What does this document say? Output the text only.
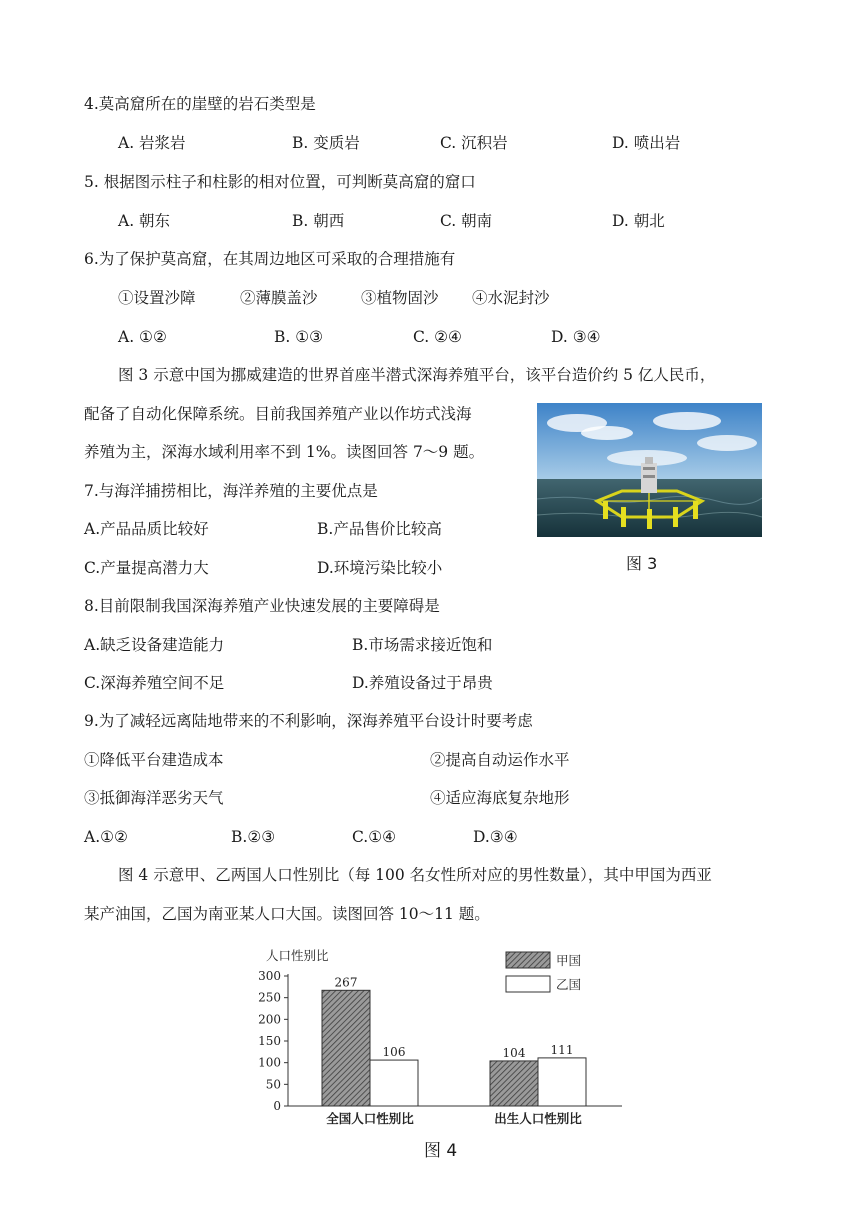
4.莫高窟所在的崖壁的岩石类型是
A. 岩浆岩	B. 变质岩	C. 沉积岩	D. 喷出岩
5. 根据图示柱子和柱影的相对位置，可判断莫高窟的窟口
A. 朝东	B. 朝西	C. 朝南	D. 朝北
6.为了保护莫高窟，在其周边地区可采取的合理措施有
①设置沙障	②薄膜盖沙	③植物固沙 ④水泥封沙
A. ①②	B. ①③	C. ②④	D. ③④
图 3 示意中国为挪威建造的世界首座半潜式深海养殖平台，该平台造价约 5 亿人民币，
配备了自动化保障系统。目前我国养殖产业以作坊式浅海
养殖为主，深海水域利用率不到 1%。读图回答 7～9 题。
图 3
7.与海洋捕捞相比，海洋养殖的主要优点是
A.产品品质比较好	B.产品售价比较高
C.产量提高潜力大	D.环境污染比较小
8.目前限制我国深海养殖产业快速发展的主要障碍是
A.缺乏设备建造能力	B.市场需求接近饱和
C.深海养殖空间不足	D.养殖设备过于昂贵
9.为了减轻远离陆地带来的不利影响，深海养殖平台设计时要考虑
①降低平台建造成本	②提高自动运作水平
③抵御海洋恶劣天气	④适应海底复杂地形
A.①②	B.②③	C.①④	D.③④
图 4 示意甲、乙两国人口性别比（每 100 名女性所对应的男性数量），其中甲国为西亚
某产油国，乙国为南亚某人口大国。读图回答 10～11 题。
人口性别比
0
50
100
150
200
250
300	267
106
全国人口性别比
104 111
出生人口性别比
甲国
乙国
图 4
